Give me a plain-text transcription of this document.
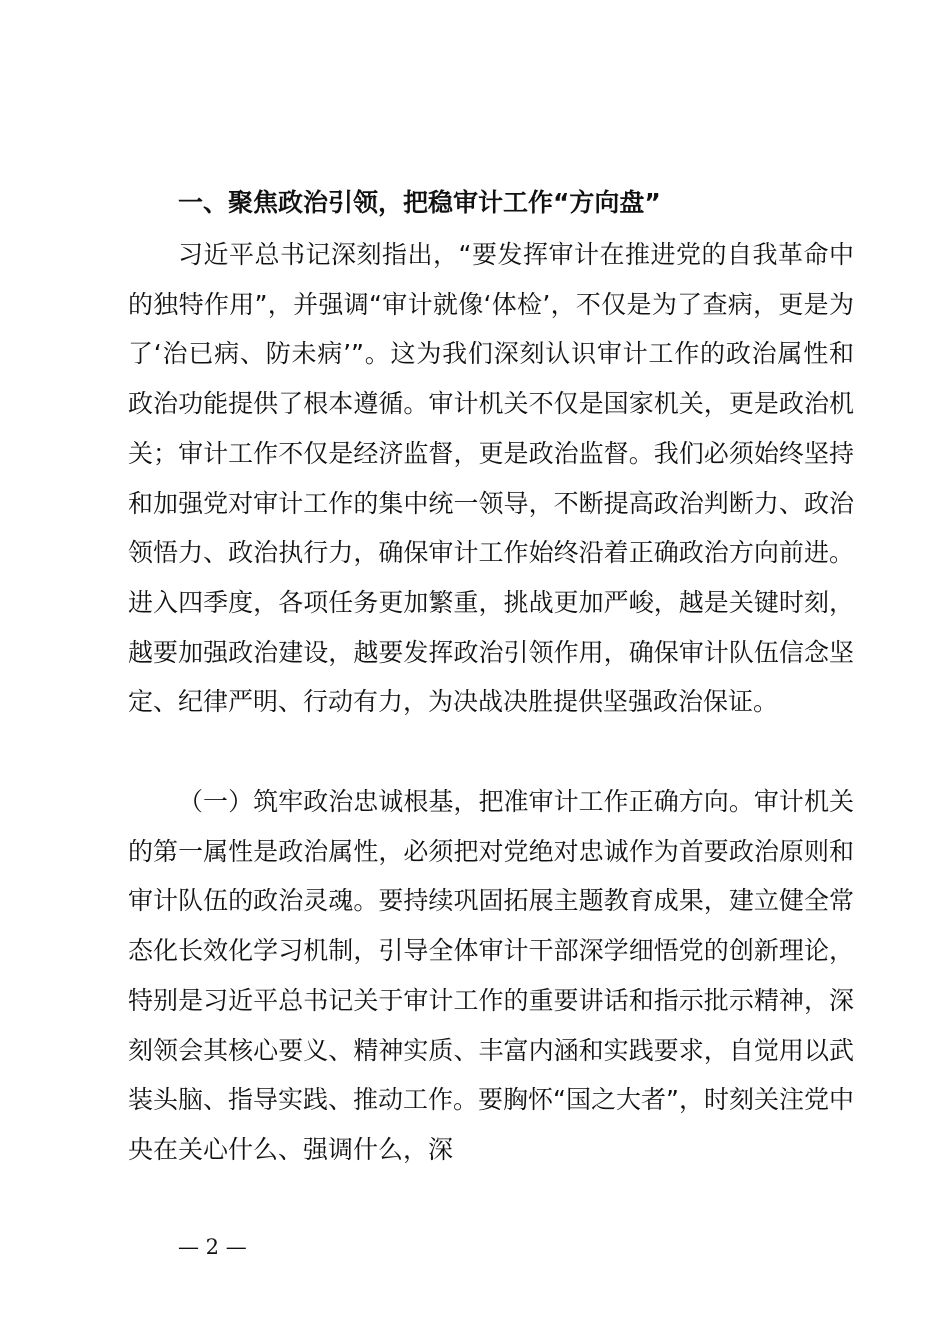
一、聚焦政治引领，把稳审计工作“方向盘”

习近平总书记深刻指出，“要发挥审计在推进党的自我革命中的独特作用”，并强调“审计就像‘体检’，不仅是为了查病，更是为了‘治已病、防未病’”。这为我们深刻认识审计工作的政治属性和政治功能提供了根本遵循。审计机关不仅是国家机关，更是政治机关；审计工作不仅是经济监督，更是政治监督。我们必须始终坚持和加强党对审计工作的集中统一领导，不断提高政治判断力、政治领悟力、政治执行力，确保审计工作始终沿着正确政治方向前进。进入四季度，各项任务更加繁重，挑战更加严峻，越是关键时刻，越要加强政治建设，越要发挥政治引领作用，确保审计队伍信念坚定、纪律严明、行动有力，为决战决胜提供坚强政治保证。

（一）筑牢政治忠诚根基，把准审计工作正确方向。审计机关的第一属性是政治属性，必须把对党绝对忠诚作为首要政治原则和审计队伍的政治灵魂。要持续巩固拓展主题教育成果，建立健全常态化长效化学习机制，引导全体审计干部深学细悟党的创新理论，特别是习近平总书记关于审计工作的重要讲话和指示批示精神，深刻领会其核心要义、精神实质、丰富内涵和实践要求，自觉用以武装头脑、指导实践、推动工作。要胸怀“国之大者”，时刻关注党中央在关心什么、强调什么，深

— 2 —
